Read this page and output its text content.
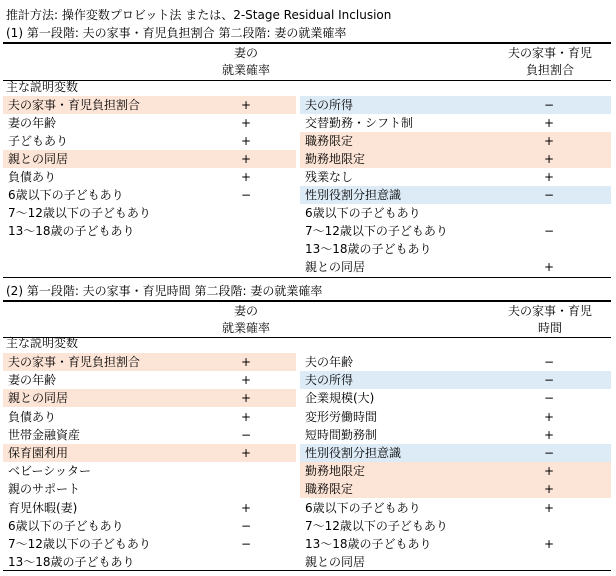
推計方法: 操作変数プロビット法 または、2-Stage Residual Inclusion
(1) 第一段階: 夫の家事・育児負担割合 第二段階: 妻の就業確率
妻の
就業確率
夫の家事・育児
負担割合
主な説明変数
夫の家事・育児負担割合	+
妻の年齢	+
子どもあり	+
親との同居	+
負債あり	+
6歳以下の子どもあり	−
7〜12歳以下の子どもあり
13〜18歳の子どもあり
夫の所得	−
交替勤務・シフト制	+
職務限定	+
勤務地限定	+
残業なし	+
性別役割分担意識	−
6歳以下の子どもあり
7〜12歳以下の子どもあり	−
13〜18歳の子どもあり
親との同居	+
(2) 第一段階: 夫の家事・育児時間 第二段階: 妻の就業確率
妻の
就業確率
夫の家事・育児
時間
主な説明変数
夫の家事・育児負担割合	+
妻の年齢	+
親との同居	+
負債あり	+
世帯金融資産	−
保育園利用	+
ベビーシッター
親のサポート
育児休暇(妻)	+
6歳以下の子どもあり	−
7〜12歳以下の子どもあり	−
13〜18歳の子どもあり
夫の年齢	−
夫の所得	−
企業規模(大)	−
変形労働時間	+
短時間勤務制	+
性別役割分担意識	−
勤務地限定	+
職務限定	+
6歳以下の子どもあり	+
7〜12歳以下の子どもあり
13〜18歳の子どもあり	+
親との同居
